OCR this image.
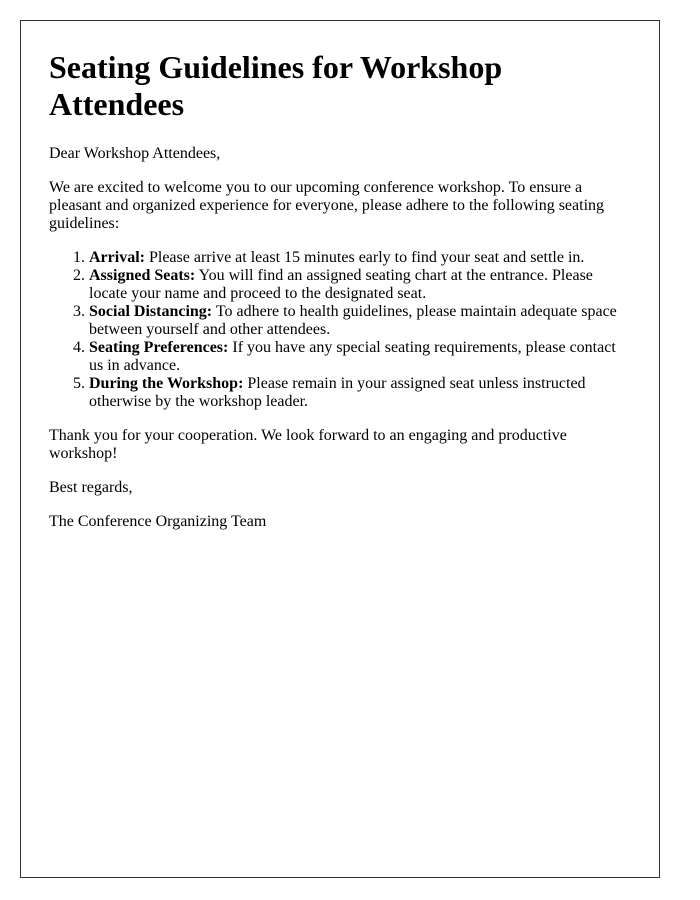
Seating Guidelines for Workshop Attendees

Dear Workshop Attendees,

We are excited to welcome you to our upcoming conference workshop. To ensure a pleasant and organized experience for everyone, please adhere to the following seating guidelines:

1. Arrival: Please arrive at least 15 minutes early to find your seat and settle in.
2. Assigned Seats: You will find an assigned seating chart at the entrance. Please locate your name and proceed to the designated seat.
3. Social Distancing: To adhere to health guidelines, please maintain adequate space between yourself and other attendees.
4. Seating Preferences: If you have any special seating requirements, please contact us in advance.
5. During the Workshop: Please remain in your assigned seat unless instructed otherwise by the workshop leader.

Thank you for your cooperation. We look forward to an engaging and productive workshop!

Best regards,

The Conference Organizing Team
